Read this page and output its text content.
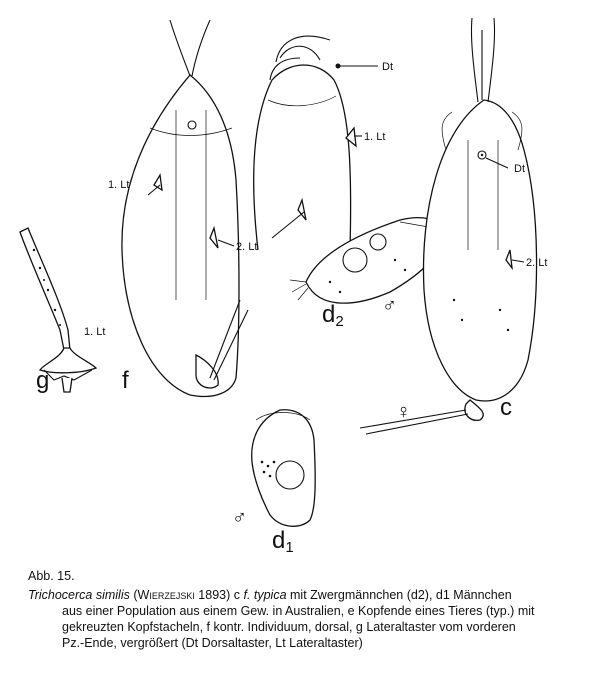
Dt
1. Lt
1. Lt
2. Lt
Dt
2. Lt
1. Lt
g	f
d2
c
d1
♂
♂
♀

Abb. 15.

Trichocerca similis (Wierzejski 1893) c f. typica mit Zwergmännchen (d2), d1 Männchen
aus einer Population aus einem Gew. in Australien, e Kopfende eines Tieres (typ.) mit
gekreuzten Kopfstacheln, f kontr. Individuum, dorsal, g Lateraltaster vom vorderen
Pz.-Ende, vergrößert (Dt Dorsaltaster, Lt Lateraltaster)
